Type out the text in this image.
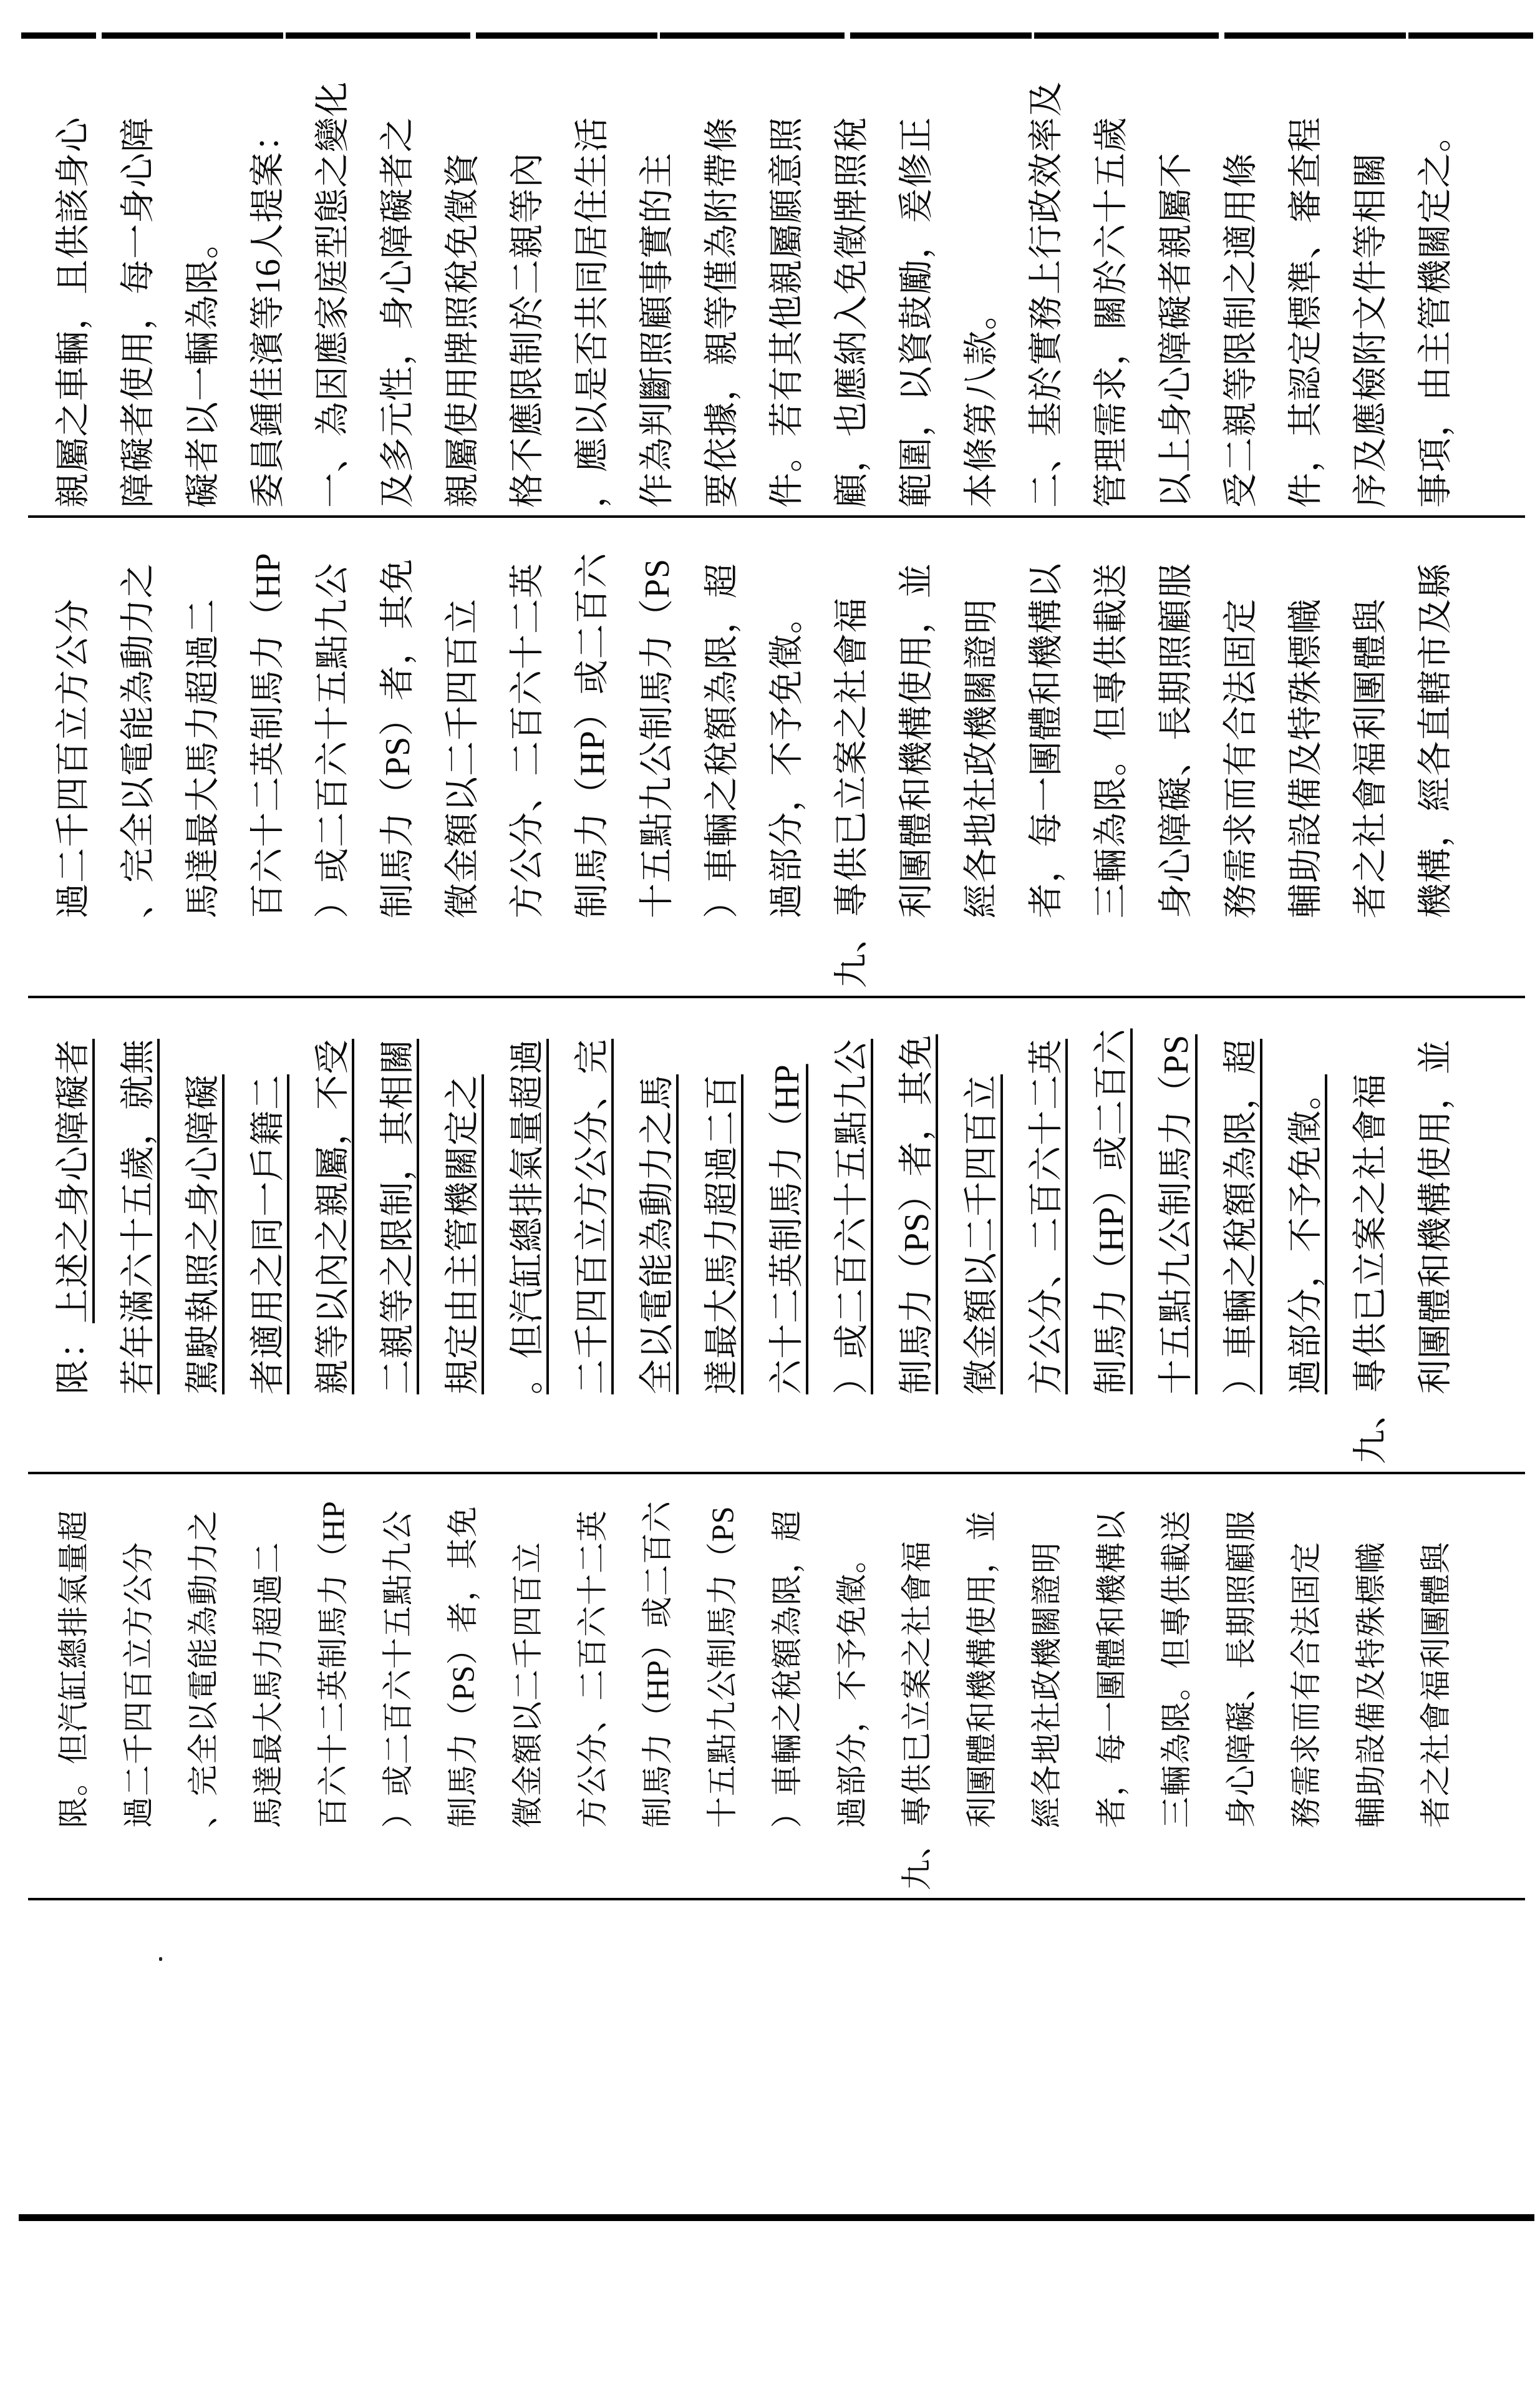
限。但汽缸總排氣量超 過二千四百立方公分 、完全以電能為動力之 馬達最大馬力超過二 百六十二英制馬力（HP ）或二百六十五點九公 制馬力（PS）者，其免 徵金額以二千四百立 方公分、二百六十二英 制馬力（HP）或二百六 十五點九公制馬力（PS ）車輛之稅額為限，超 過部分，不予免徵。 九、專供已立案之社會福 利團體和機構使用，並 經各地社政機關證明 者，每一團體和機構以 三輛為限。但專供載送 身心障礙、長期照顧服 務需求而有合法固定 輔助設備及特殊標幟 者之社會福利團體與
限：上述之身心障礙者 若年滿六十五歲，就無 駕駛執照之身心障礙 者適用之同一戶籍二 親等以內之親屬，不受 二親等之限制，其相關 規定由主管機關定之 。但汽缸總排氣量超過 二千四百立方公分、完 全以電能為動力之馬 達最大馬力超過二百 六十二英制馬力（HP ）或二百六十五點九公 制馬力（PS）者，其免 徵金額以二千四百立 方公分、二百六十二英 制馬力（HP）或二百六 十五點九公制馬力（PS ）車輛之稅額為限，超 過部分，不予免徵。 九、專供已立案之社會福 利團體和機構使用，並
過二千四百立方公分 、完全以電能為動力之 馬達最大馬力超過二 百六十二英制馬力（HP ）或二百六十五點九公 制馬力（PS）者，其免 徵金額以二千四百立 方公分、二百六十二英 制馬力（HP）或二百六 十五點九公制馬力（PS ）車輛之稅額為限，超 過部分，不予免徵。 九、專供已立案之社會福 利團體和機構使用，並 經各地社政機關證明 者，每一團體和機構以 三輛為限。但專供載送 身心障礙、長期照顧服 務需求而有合法固定 輔助設備及特殊標幟 者之社會福利團體與 機構，經各直轄市及縣
親屬之車輛，且供該身心 障礙者使用，每一身心障 礙者以一輛為限。 委員鍾佳濱等16人提案： 一、為因應家庭型態之變化 及多元性，身心障礙者之 親屬使用牌照稅免徵資 格不應限制於二親等內 ，應以是否共同居住生活 作為判斷照顧事實的主 要依據，親等僅為附帶條 件。若有其他親屬願意照 顧，也應納入免徵牌照稅 範圍，以資鼓勵，爰修正 本條第八款。 二、基於實務上行政效率及 管理需求，關於六十五歲 以上身心障礙者親屬不 受二親等限制之適用條 件，其認定標準、審查程 序及應檢附文件等相關 事項，由主管機關定之。
